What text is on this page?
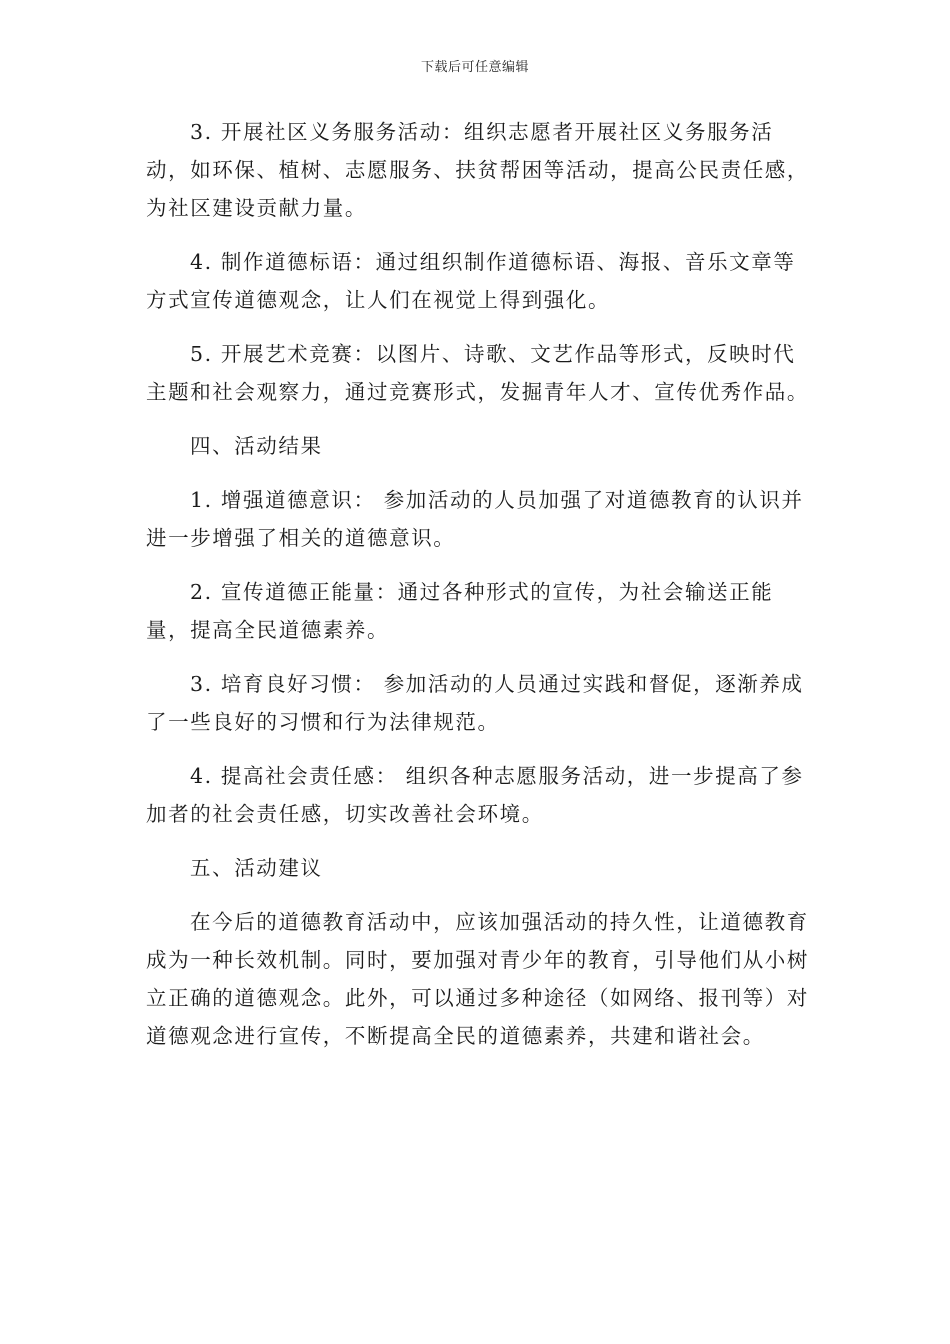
下载后可任意编辑

3. 开展社区义务服务活动：组织志愿者开展社区义务服务活动，如环保、植树、志愿服务、扶贫帮困等活动，提高公民责任感，为社区建设贡献力量。

4. 制作道德标语：通过组织制作道德标语、海报、音乐文章等方式宣传道德观念，让人们在视觉上得到强化。

5. 开展艺术竞赛：以图片、诗歌、文艺作品等形式，反映时代主题和社会观察力，通过竞赛形式，发掘青年人才、宣传优秀作品。

四、活动结果

1. 增强道德意识： 参加活动的人员加强了对道德教育的认识并进一步增强了相关的道德意识。

2. 宣传道德正能量：通过各种形式的宣传，为社会输送正能量，提高全民道德素养。

3. 培育良好习惯： 参加活动的人员通过实践和督促，逐渐养成了一些良好的习惯和行为法律规范。

4. 提高社会责任感： 组织各种志愿服务活动，进一步提高了参加者的社会责任感，切实改善社会环境。

五、活动建议

在今后的道德教育活动中，应该加强活动的持久性，让道德教育成为一种长效机制。同时，要加强对青少年的教育，引导他们从小树立正确的道德观念。此外，可以通过多种途径（如网络、报刊等）对道德观念进行宣传，不断提高全民的道德素养，共建和谐社会。
